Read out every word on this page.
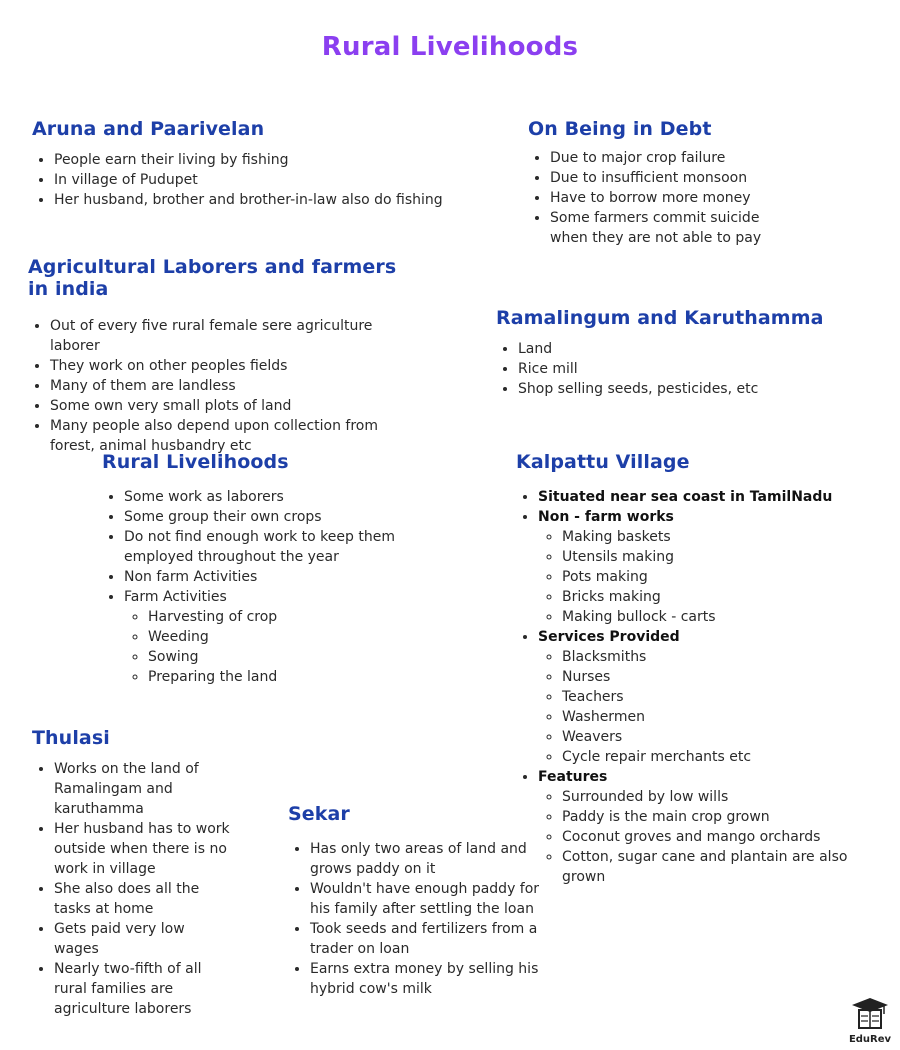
Rural Livelihoods
Aruna and Paarivelan
• People earn their living by fishing
• In village of Pudupet
• Her husband, brother and brother-in-law also do fishing
On Being in Debt
• Due to major crop failure
• Due to insufficient monsoon
• Have to borrow more money
• Some farmers commit suicide when they are not able to pay
Agricultural Laborers and farmers in india
• Out of every five rural female sere agriculture laborer
• They work on other peoples fields
• Many of them are landless
• Some own very small plots of land
• Many people also depend upon collection from forest, animal husbandry etc
Ramalingum and Karuthamma
• Land
• Rice mill
• Shop selling seeds, pesticides, etc
Rural Livelihoods
• Some work as laborers
• Some group their own crops
• Do not find enough work to keep them employed throughout the year
• Non farm Activities
• Farm Activities
◦ Harvesting of crop
◦ Weeding
◦ Sowing
◦ Preparing the land
Kalpattu Village
• Situated near sea coast in TamilNadu
• Non - farm works
◦ Making baskets
◦ Utensils making
◦ Pots making
◦ Bricks making
◦ Making bullock - carts
• Services Provided
◦ Blacksmiths
◦ Nurses
◦ Teachers
◦ Washermen
◦ Weavers
◦ Cycle repair merchants etc
• Features
◦ Surrounded by low wills
◦ Paddy is the main crop grown
◦ Coconut groves and mango orchards
◦ Cotton, sugar cane and plantain are also grown
Thulasi
• Works on the land of Ramalingam and karuthamma
• Her husband has to work outside when there is no work in village
• She also does all the tasks at home
• Gets paid very low wages
• Nearly two-fifth of all rural families are agriculture laborers
Sekar
• Has only two areas of land and grows paddy on it
• Wouldn't have enough paddy for his family after settling the loan
• Took seeds and fertilizers from a trader on loan
• Earns extra money by selling his hybrid cow's milk
EduRev
